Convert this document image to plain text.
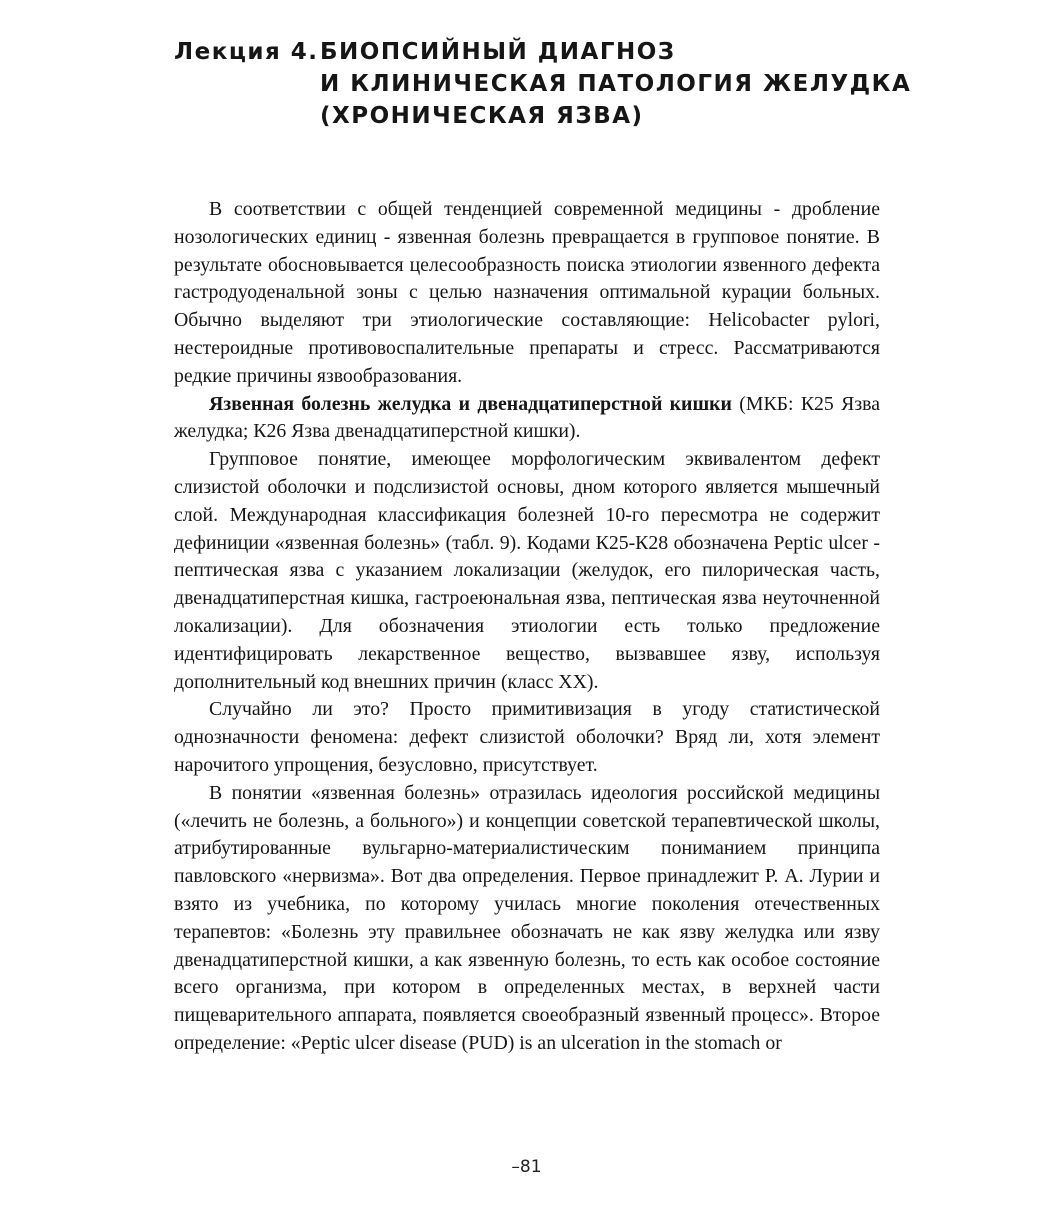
Лекция 4. БИОПСИЙНЫЙ ДИАГНОЗ
И КЛИНИЧЕСКАЯ ПАТОЛОГИЯ ЖЕЛУДКА
(ХРОНИЧЕСКАЯ ЯЗВА)

В соответствии с общей тенденцией современной медицины - дробление нозологических единиц - язвенная болезнь превращается в групповое понятие. В результате обосновывается целесообразность поиска этиологии язвенного дефекта гастродуоденальной зоны с целью назначения оптимальной курации больных. Обычно выделяют три этиологические составляющие: Helicobacter pylori, нестероидные противовоспалительные препараты и стресс. Рассматриваются редкие причины язвообразования.

Язвенная болезнь желудка и двенадцатиперстной кишки (МКБ: К25 Язва желудка; К26 Язва двенадцатиперстной кишки).

Групповое понятие, имеющее морфологическим эквивалентом дефект слизистой оболочки и подслизистой основы, дном которого является мышечный слой. Международная классификация болезней 10-го пересмотра не содержит дефиниции «язвенная болезнь» (табл. 9). Кодами К25-К28 обозначена Peptic ulcer - пептическая язва с указанием локализации (желудок, его пилорическая часть, двенадцатиперстная кишка, гастроеюнальная язва, пептическая язва неуточненной локализации). Для обозначения этиологии есть только предложение идентифицировать лекарственное вещество, вызвавшее язву, используя дополнительный код внешних причин (класс XX).

Случайно ли это? Просто примитивизация в угоду статистической однозначности феномена: дефект слизистой оболочки? Вряд ли, хотя элемент нарочитого упрощения, безусловно, присутствует.

В понятии «язвенная болезнь» отразилась идеология российской медицины («лечить не болезнь, а больного») и концепции советской терапевтической школы, атрибутированные вульгарно-материалистическим пониманием принципа павловского «нервизма». Вот два определения. Первое принадлежит Р. А. Лурии и взято из учебника, по которому училась многие поколения отечественных терапевтов: «Болезнь эту правильнее обозначать не как язву желудка или язву двенадцатиперстной кишки, а как язвенную болезнь, то есть как особое состояние всего организма, при котором в определенных местах, в верхней части пищеварительного аппарата, появляется своеобразный язвенный процесс». Второе определение: «Peptic ulcer disease (PUD) is an ulceration in the stomach or

–81
